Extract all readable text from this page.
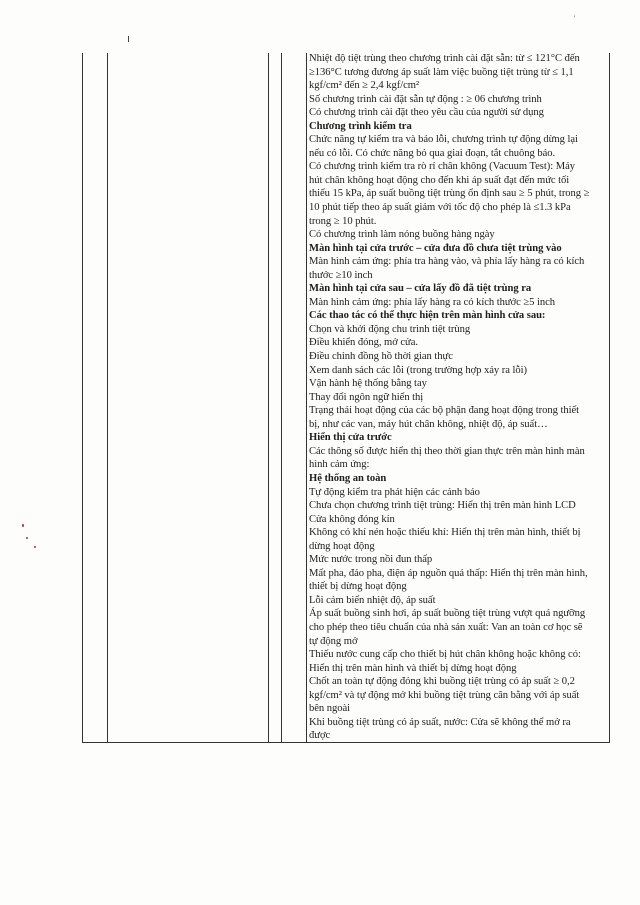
'
Nhiệt độ tiệt trùng theo chương trình cài đặt sẵn: từ ≤ 121°C đến
≥136°C tương đương áp suất làm việc buồng tiệt trùng từ ≤ 1,1
kgf/cm² đến ≥ 2,4 kgf/cm²
Số chương trình cài đặt sẵn tự động : ≥ 06 chương trình
Có chương trình cài đặt theo yêu cầu của người sử dụng
Chương trình kiểm tra
Chức năng tự kiểm tra và báo lỗi, chương trình tự động dừng lại
nếu có lỗi. Có chức năng bỏ qua giai đoạn, tắt chuông báo.
Có chương trình kiểm tra rò rỉ chân không (Vacuum Test): Máy
hút chân không hoạt động cho đến khi áp suất đạt đến mức tối
thiểu 15 kPa, áp suất buồng tiệt trùng ổn định sau ≥ 5 phút, trong ≥
10 phút tiếp theo áp suất giảm với tốc độ cho phép là ≤1.3 kPa
trong ≥ 10 phút.
Có chương trình làm nóng buồng hàng ngày
Màn hình tại cửa trước – cửa đưa đồ chưa tiệt trùng vào
Màn hình cảm ứng: phía tra hàng vào, và phía lấy hàng ra có kích
thước ≥10 inch
Màn hình tại cửa sau – cửa lấy đồ đã tiệt trùng ra
Màn hình cảm ứng: phía lấy hàng ra có kích thước ≥5 inch
Các thao tác có thể thực hiện trên màn hình cửa sau:
Chọn và khởi động chu trình tiệt trùng
Điều khiển đóng, mở cửa.
Điều chỉnh đồng hồ thời gian thực
Xem danh sách các lỗi (trong trường hợp xảy ra lỗi)
Vận hành hệ thống bằng tay
Thay đổi ngôn ngữ hiển thị
Trạng thái hoạt động của các bộ phận đang hoạt động trong thiết
bị, như các van, máy hút chân không, nhiệt độ, áp suất…
Hiển thị cửa trước
Các thông số được hiển thị theo thời gian thực trên màn hình màn
hình cảm ứng:
Hệ thống an toàn
Tự động kiểm tra phát hiện các cảnh báo
Chưa chọn chương trình tiệt trùng: Hiển thị trên màn hình LCD
Cửa không đóng kín
Không có khí nén hoặc thiếu khí: Hiển thị trên màn hình, thiết bị
dừng hoạt động
Mức nước trong nồi đun thấp
Mất pha, đảo pha, điện áp nguồn quá thấp: Hiển thị trên màn hình,
thiết bị dừng hoạt động
Lỗi cảm biến nhiệt độ, áp suất
Áp suất buồng sinh hơi, áp suất buồng tiệt trùng vượt quá ngưỡng
cho phép theo tiêu chuẩn của nhà sản xuất: Van an toàn cơ học sẽ
tự động mở
Thiếu nước cung cấp cho thiết bị hút chân không hoặc không có:
Hiển thị trên màn hình và thiết bị dừng hoạt động
Chốt an toàn tự động đóng khi buồng tiệt trùng có áp suất ≥ 0,2
kgf/cm² và tự động mở khi buồng tiệt trùng cân bằng với áp suất
bên ngoài
Khi buồng tiệt trùng có áp suất, nước: Cửa sẽ không thể mở ra
được
